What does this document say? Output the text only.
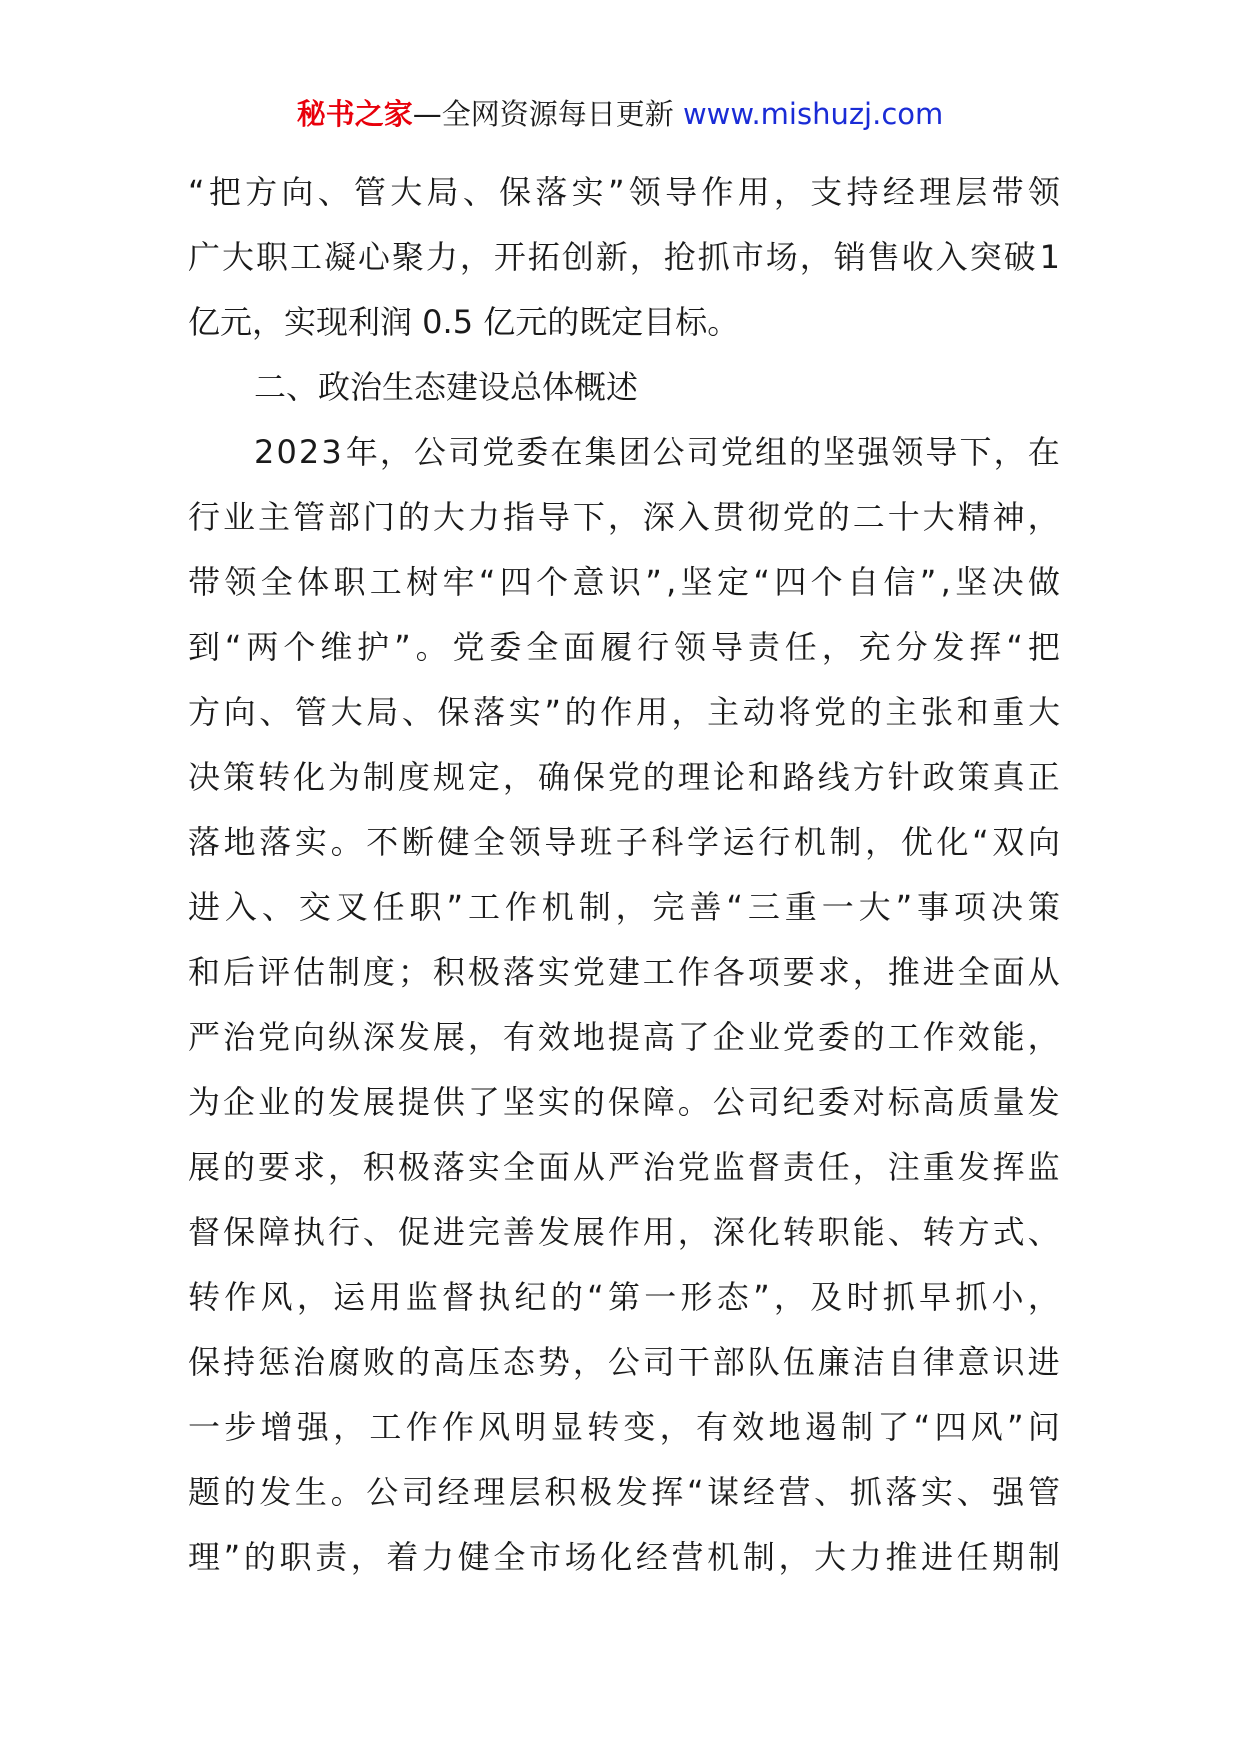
秘书之家—全网资源每日更新 www.mishuzj.com
“ 把 方 向 、 管 大 局 、 保 落 实 ” 领 导 作 用 ， 支 持 经 理 层 带 领
广 大 职 工 凝 心 聚 力 ， 开 拓 创 新 ， 抢 抓 市 场 ， 销 售 收 入 突 破 1
亿元，实现利润 0.5 亿元的既定目标。
二、政治生态建设总体概述
2 0 2 3 年 ， 公 司 党 委 在 集 团 公 司 党 组 的 坚 强 领 导 下 ， 在
行 业 主 管 部 门 的 大 力 指 导 下 ， 深 入 贯 彻 党 的 二 十 大 精 神 ，
带 领 全 体 职 工 树 牢 “ 四 个 意 识 ” , 坚 定 “ 四 个 自 信 ” , 坚 决 做
到 “ 两 个 维 护 ” 。 党 委 全 面 履 行 领 导 责 任 ， 充 分 发 挥 “ 把
方 向 、 管 大 局 、 保 落 实 ” 的 作 用 ， 主 动 将 党 的 主 张 和 重 大
决 策 转 化 为 制 度 规 定 ， 确 保 党 的 理 论 和 路 线 方 针 政 策 真 正
落 地 落 实 。 不 断 健 全 领 导 班 子 科 学 运 行 机 制 ， 优 化 “ 双 向
进 入 、 交 叉 任 职 ” 工 作 机 制 ， 完 善 “ 三 重 一 大 ” 事 项 决 策
和 后 评 估 制 度 ； 积 极 落 实 党 建 工 作 各 项 要 求 ， 推 进 全 面 从
严 治 党 向 纵 深 发 展 ， 有 效 地 提 高 了 企 业 党 委 的 工 作 效 能 ，
为 企 业 的 发 展 提 供 了 坚 实 的 保 障 。 公 司 纪 委 对 标 高 质 量 发
展 的 要 求 ， 积 极 落 实 全 面 从 严 治 党 监 督 责 任 ， 注 重 发 挥 监
督 保 障 执 行 、 促 进 完 善 发 展 作 用 ， 深 化 转 职 能 、 转 方 式 、
转 作 风 ， 运 用 监 督 执 纪 的 “ 第 一 形 态 ” ， 及 时 抓 早 抓 小 ，
保 持 惩 治 腐 败 的 高 压 态 势 ， 公 司 干 部 队 伍 廉 洁 自 律 意 识 进
一 步 增 强 ， 工 作 作 风 明 显 转 变 ， 有 效 地 遏 制 了 “ 四 风 ” 问
题 的 发 生 。 公 司 经 理 层 积 极 发 挥 “ 谋 经 营 、 抓 落 实 、 强 管
理 ” 的 职 责 ， 着 力 健 全 市 场 化 经 营 机 制 ， 大 力 推 进 任 期 制
